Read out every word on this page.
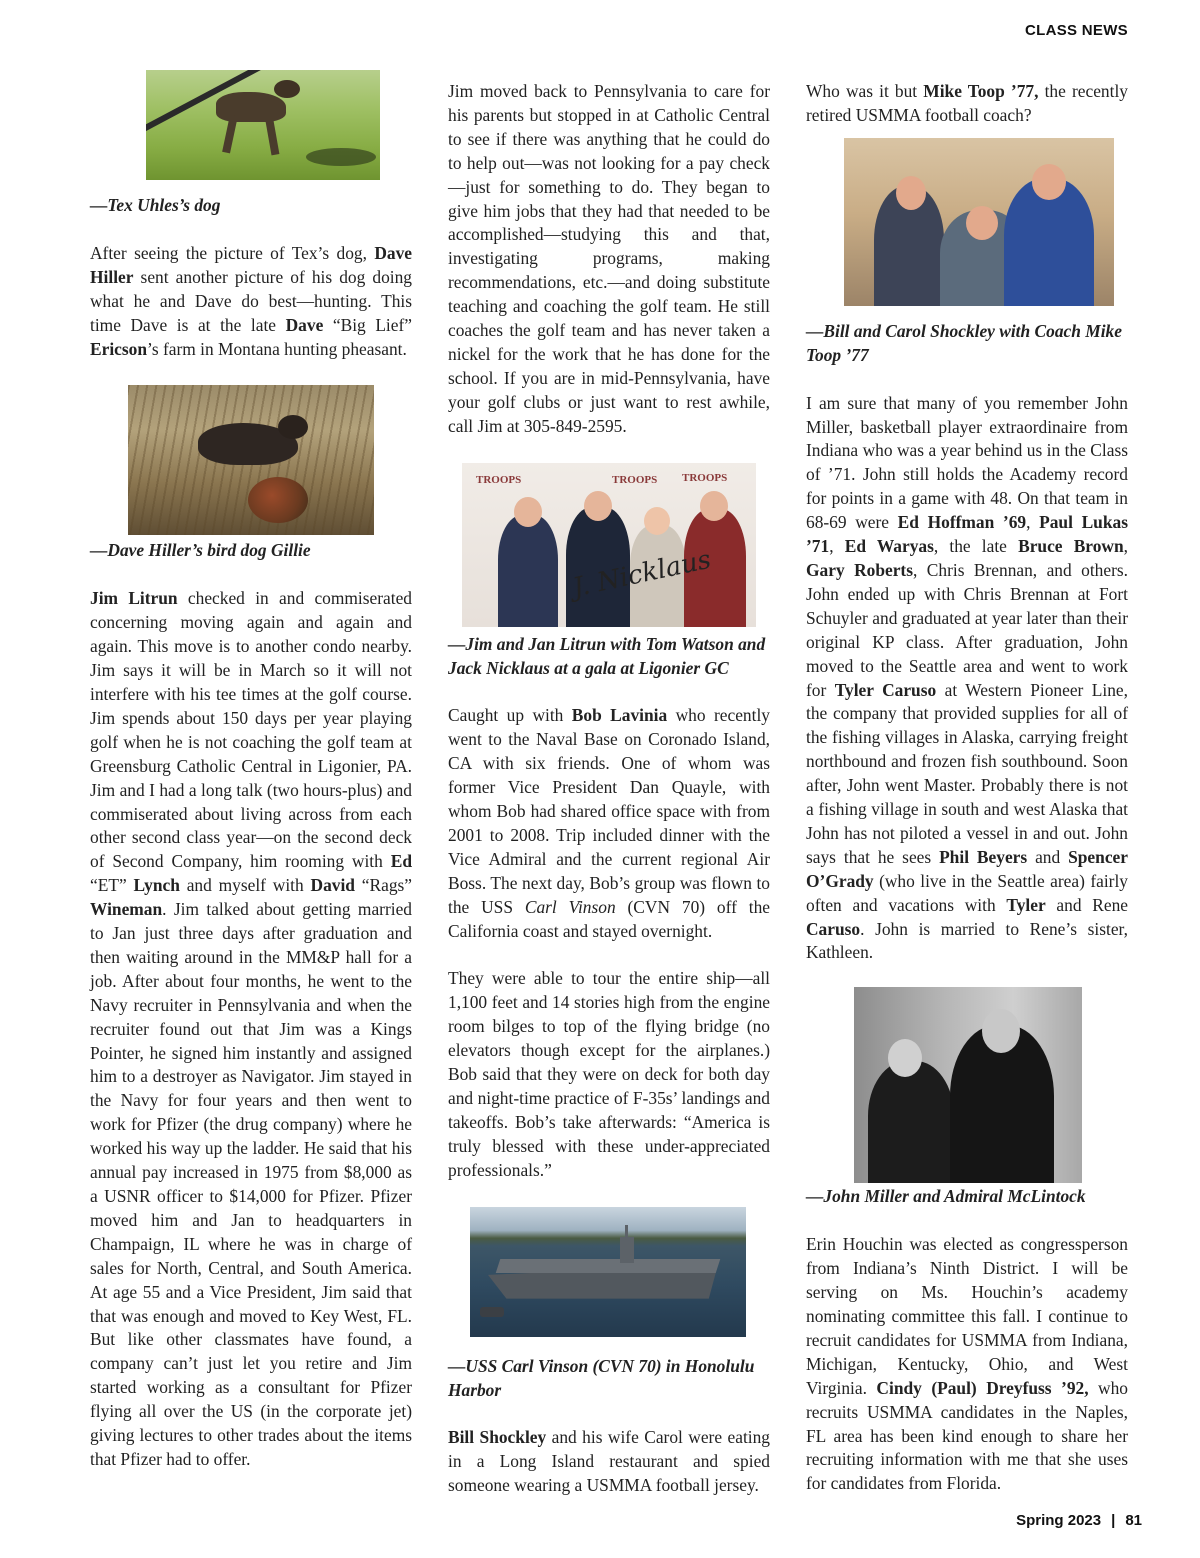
CLASS NEWS

—Tex Uhles’s dog

After seeing the picture of Tex’s dog, Dave Hiller sent another picture of his dog doing what he and Dave do best—hunting. This time Dave is at the late Dave “Big Lief” Ericson’s farm in Montana hunting pheasant.

—Dave Hiller’s bird dog Gillie

Jim Litrun checked in and commiserated concerning moving again and again and again. This move is to another condo nearby. Jim says it will be in March so it will not interfere with his tee times at the golf course. Jim spends about 150 days per year playing golf when he is not coaching the golf team at Greensburg Catholic Central in Ligonier, PA. Jim and I had a long talk (two hours-plus) and commiserated about living across from each other second class year—on the second deck of Second Company, him rooming with Ed “ET” Lynch and myself with David “Rags” Wineman. Jim talked about getting married to Jan just three days after graduation and then waiting around in the MM&P hall for a job. After about four months, he went to the Navy recruiter in Pennsylvania and when the recruiter found out that Jim was a Kings Pointer, he signed him instantly and assigned him to a destroyer as Navigator. Jim stayed in the Navy for four years and then went to work for Pfizer (the drug company) where he worked his way up the ladder. He said that his annual pay increased in 1975 from $8,000 as a USNR officer to $14,000 for Pfizer. Pfizer moved him and Jan to headquarters in Champaign, IL where he was in charge of sales for North, Central, and South America. At age 55 and a Vice President, Jim said that that was enough and moved to Key West, FL. But like other classmates have found, a company can’t just let you retire and Jim started working as a consultant for Pfizer flying all over the US (in the corporate jet) giving lectures to other trades about the items that Pfizer had to offer.

Jim moved back to Pennsylvania to care for his parents but stopped in at Catholic Central to see if there was anything that he could do to help out—was not looking for a pay check—just for something to do. They began to give him jobs that they had that needed to be accomplished—studying this and that, investigating programs, making recommendations, etc.—and doing substitute teaching and coaching the golf team. He still coaches the golf team and has never taken a nickel for the work that he has done for the school. If you are in mid-Pennsylvania, have your golf clubs or just want to rest awhile, call Jim at 305-849-2595.

TROOPS	TROOPS TROOPS
J. Nicklaus

—Jim and Jan Litrun with Tom Watson and Jack Nicklaus at a gala at Ligonier GC

Caught up with Bob Lavinia who recently went to the Naval Base on Coronado Island, CA with six friends. One of whom was former Vice President Dan Quayle, with whom Bob had shared office space with from 2001 to 2008. Trip included dinner with the Vice Admiral and the current regional Air Boss. The next day, Bob’s group was flown to the USS Carl Vinson (CVN 70) off the California coast and stayed overnight.

They were able to tour the entire ship—all 1,100 feet and 14 stories high from the engine room bilges to top of the flying bridge (no elevators though except for the airplanes.) Bob said that they were on deck for both day and night-time practice of F-35s’ landings and takeoffs. Bob’s take afterwards: “America is truly blessed with these under-appreciated professionals.”

—USS Carl Vinson (CVN 70) in Honolulu Harbor

Bill Shockley and his wife Carol were eating in a Long Island restaurant and spied someone wearing a USMMA football jersey.

Who was it but Mike Toop ’77, the recently retired USMMA football coach?

—Bill and Carol Shockley with Coach Mike Toop ’77

I am sure that many of you remember John Miller, basketball player extraordinaire from Indiana who was a year behind us in the Class of ’71. John still holds the Academy record for points in a game with 48. On that team in 68-69 were Ed Hoffman ’69, Paul Lukas ’71, Ed Waryas, the late Bruce Brown, Gary Roberts, Chris Brennan, and others. John ended up with Chris Brennan at Fort Schuyler and graduated at year later than their original KP class. After graduation, John moved to the Seattle area and went to work for Tyler Caruso at Western Pioneer Line, the company that provided supplies for all of the fishing villages in Alaska, carrying freight northbound and frozen fish southbound. Soon after, John went Master. Probably there is not a fishing village in south and west Alaska that John has not piloted a vessel in and out. John says that he sees Phil Beyers and Spencer O’Grady (who live in the Seattle area) fairly often and vacations with Tyler and Rene Caruso. John is married to Rene’s sister, Kathleen.

—John Miller and Admiral McLintock

Erin Houchin was elected as congressperson from Indiana’s Ninth District. I will be serving on Ms. Houchin’s academy nominating committee this fall. I continue to recruit candidates for USMMA from Indiana, Michigan, Kentucky, Ohio, and West Virginia. Cindy (Paul) Dreyfuss ’92, who recruits USMMA candidates in the Naples, FL area has been kind enough to share her recruiting information with me that she uses for candidates from Florida.

Spring 2023 | 81
